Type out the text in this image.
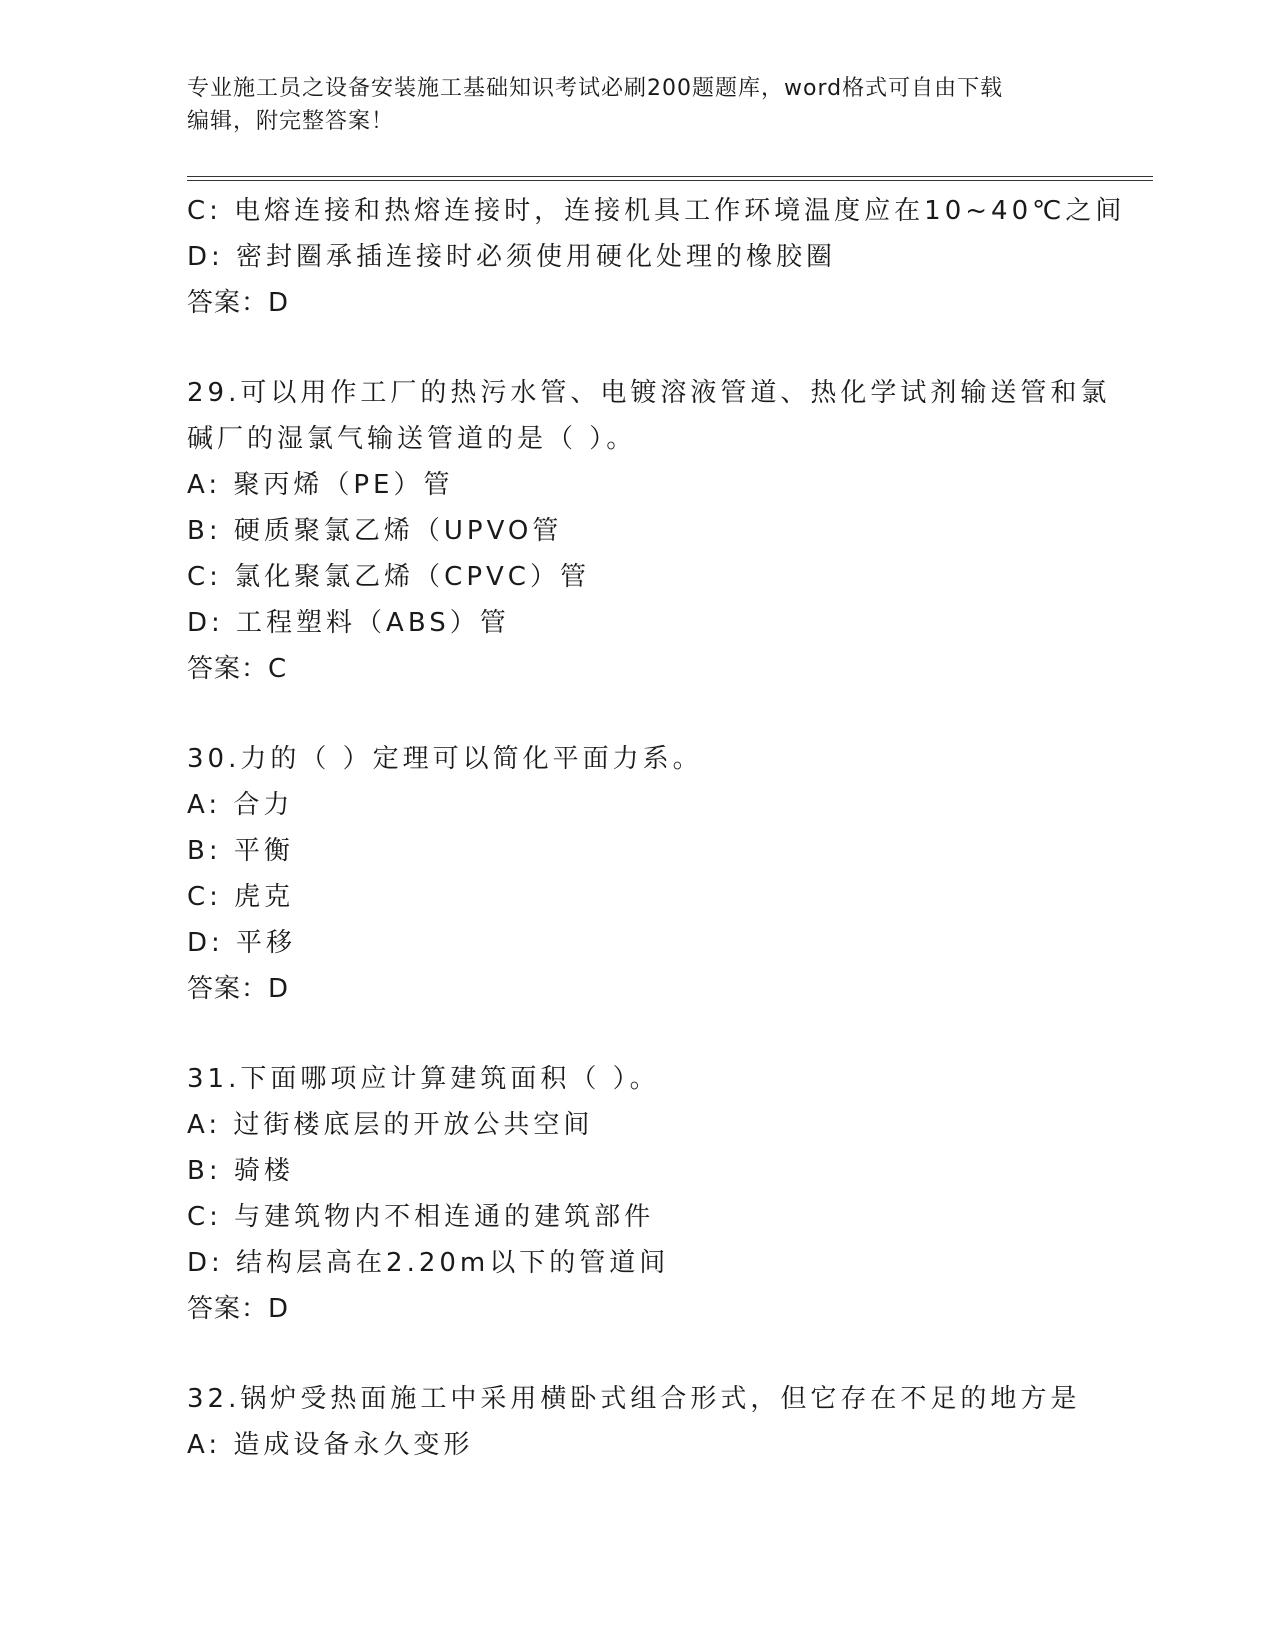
专业施工员之设备安装施工基础知识考试必刷200题题库，word格式可自由下载
编辑，附完整答案！
C: 电熔连接和热熔连接时，连接机具工作环境温度应在10~40℃之间
D: 密封圈承插连接时必须使用硬化处理的橡胶圈
答案：D
29.可以用作工厂的热污水管、电镀溶液管道、热化学试剂输送管和氯
碱厂的湿氯气输送管道的是（ ）。
A: 聚丙烯（PE）管
B: 硬质聚氯乙烯（UPVO管
C: 氯化聚氯乙烯（CPVC）管
D: 工程塑料（ABS）管
答案：C
30.力的（ ）定理可以简化平面力系。
A: 合力
B: 平衡
C: 虎克
D: 平移
答案：D
31.下面哪项应计算建筑面积（ ）。
A: 过街楼底层的开放公共空间
B: 骑楼
C: 与建筑物内不相连通的建筑部件
D: 结构层高在2.20m以下的管道间
答案：D
32.锅炉受热面施工中采用横卧式组合形式，但它存在不足的地方是
A: 造成设备永久变形
